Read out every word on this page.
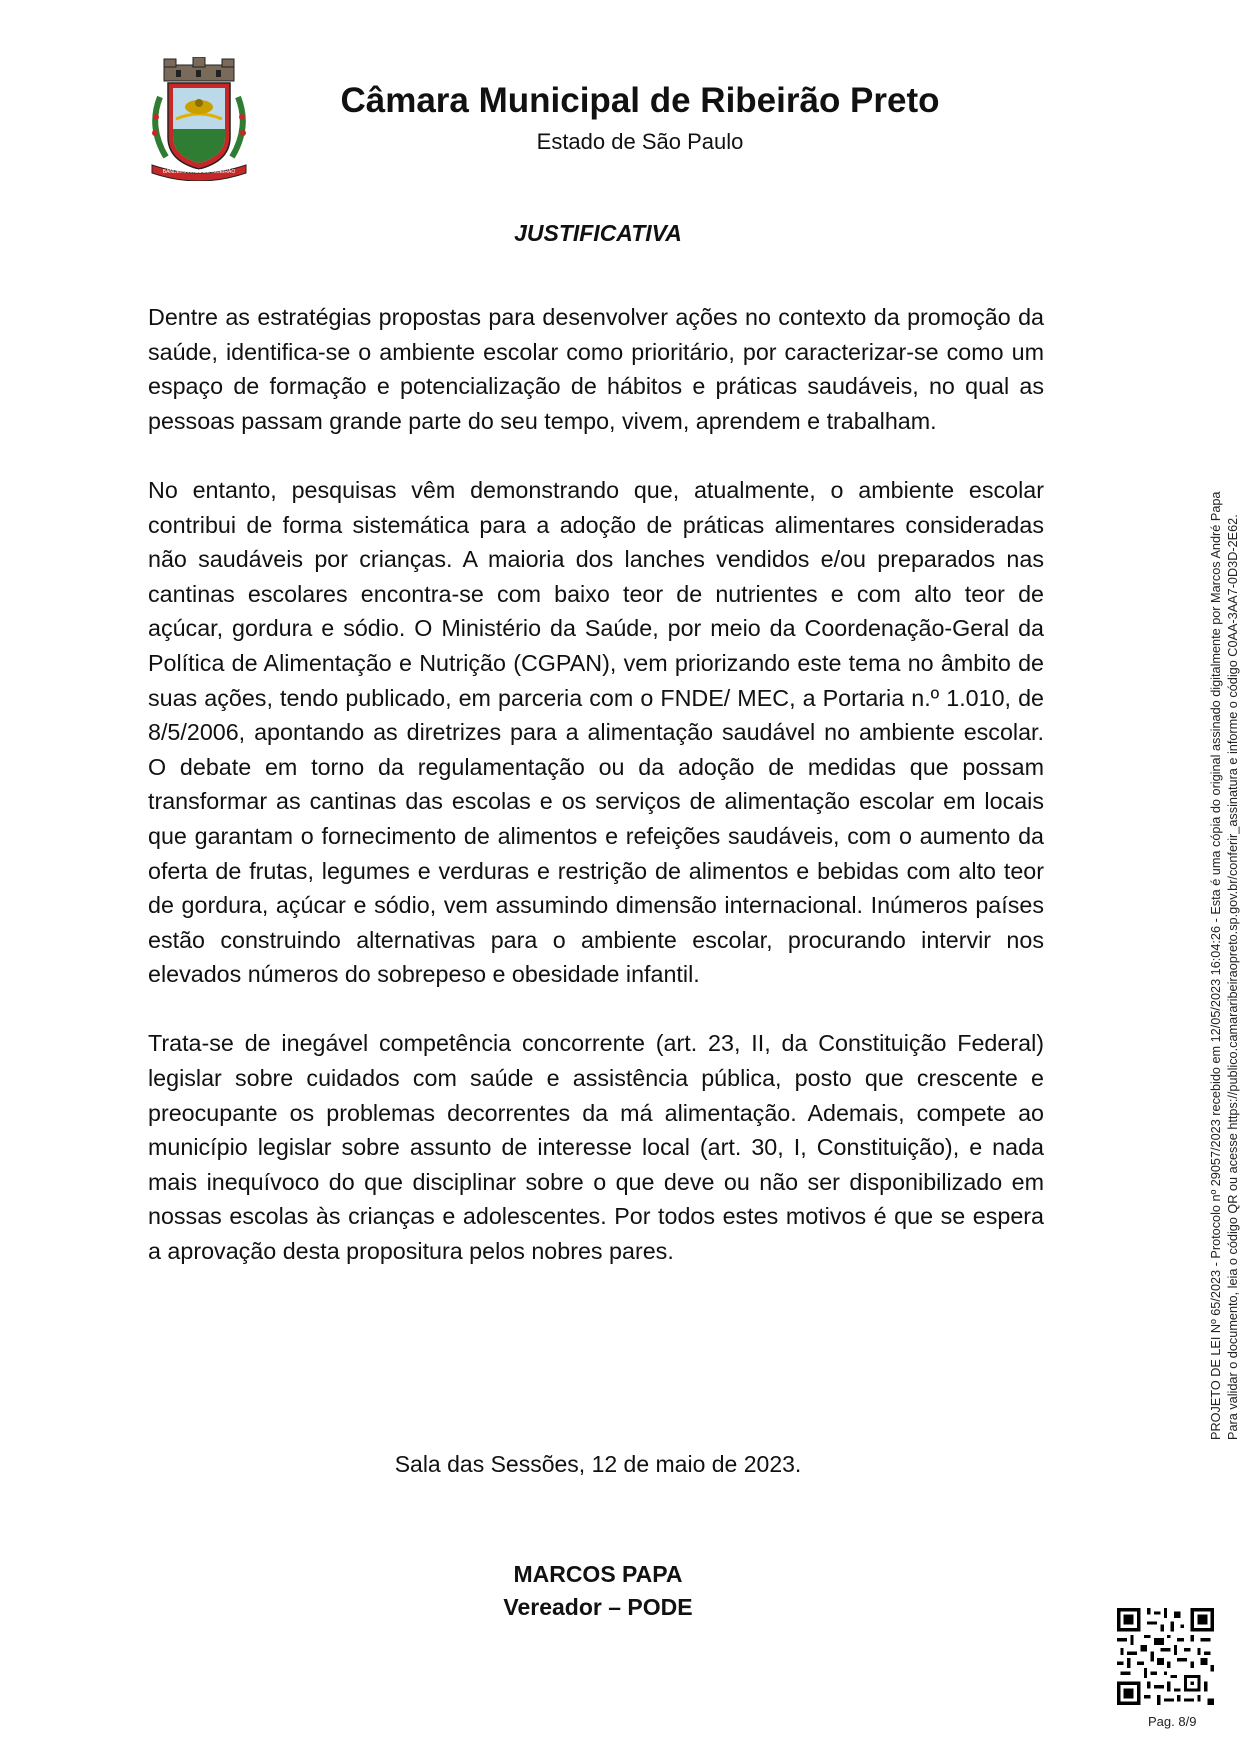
BANDEIRANTES DE RIBEIRÃO
Câmara Municipal de Ribeirão Preto
Estado de São Paulo
JUSTIFICATIVA

Dentre as estratégias propostas para desenvolver ações no contexto da promoção da saúde, identifica-se o ambiente escolar como prioritário, por caracterizar-se como um espaço de formação e potencialização de hábitos e práticas saudáveis, no qual as pessoas passam grande parte do seu tempo, vivem, aprendem e trabalham.

No entanto, pesquisas vêm demonstrando que, atualmente, o ambiente escolar contribui de forma sistemática para a adoção de práticas alimentares consideradas não saudáveis por crianças. A maioria dos lanches vendidos e/ou preparados nas cantinas escolares encontra-se com baixo teor de nutrientes e com alto teor de açúcar, gordura e sódio. O Ministério da Saúde, por meio da Coordenação-Geral da Política de Alimentação e Nutrição (CGPAN), vem priorizando este tema no âmbito de suas ações, tendo publicado, em parceria com o FNDE/ MEC, a Portaria n.º 1.010, de 8/5/2006, apontando as diretrizes para a alimentação saudável no ambiente escolar. O debate em torno da regulamentação ou da adoção de medidas que possam transformar as cantinas das escolas e os serviços de alimentação escolar em locais que garantam o fornecimento de alimentos e refeições saudáveis, com o aumento da oferta de frutas, legumes e verduras e restrição de alimentos e bebidas com alto teor de gordura, açúcar e sódio, vem assumindo dimensão internacional. Inúmeros países estão construindo alternativas para o ambiente escolar, procurando intervir nos elevados números do sobrepeso e obesidade infantil.

Trata-se de inegável competência concorrente (art. 23, II, da Constituição Federal) legislar sobre cuidados com saúde e assistência pública, posto que crescente e preocupante os problemas decorrentes da má alimentação. Ademais, compete ao município legislar sobre assunto de interesse local (art. 30, I, Constituição), e nada mais inequívoco do que disciplinar sobre o que deve ou não ser disponibilizado em nossas escolas às crianças e adolescentes. Por todos estes motivos é que se espera a aprovação desta propositura pelos nobres pares.

Sala das Sessões, 12 de maio de 2023.
MARCOS PAPA
Vereador – PODE
PROJETO DE LEI Nº 65/2023 - Protocolo nº 29057/2023 recebido em 12/05/2023 16:04:26 - Esta é uma cópia do original assinado digitalmente por Marcos André Papa Para validar o documento, leia o código QR ou acesse https://publico.camararibeiraopreto.sp.gov.br/conferir_assinatura e informe o código C0AA-3AA7-0D3D-2E62.
Pag. 8/9
